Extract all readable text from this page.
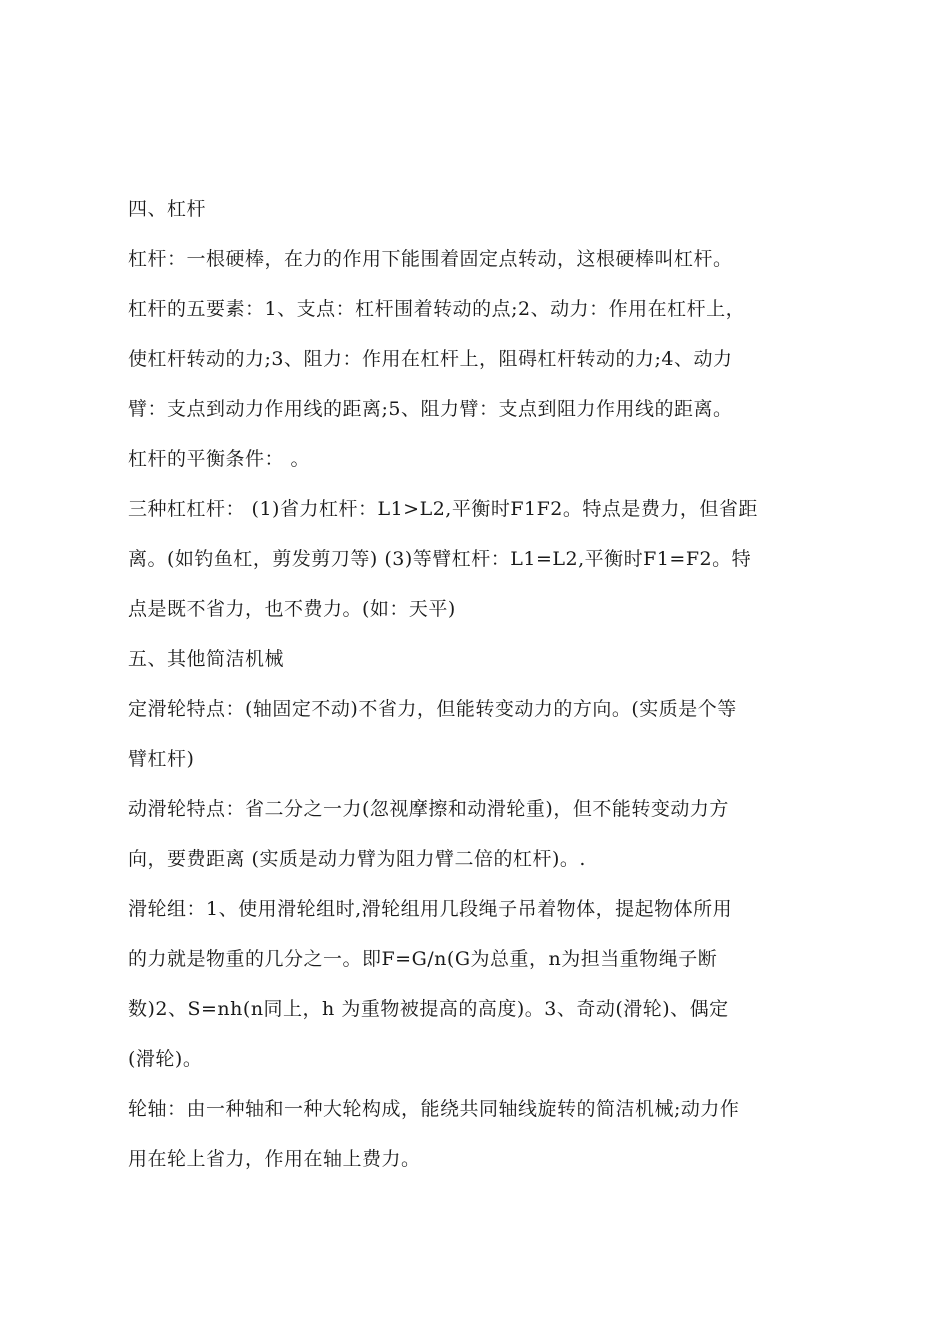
四、杠杆
杠杆：一根硬棒，在力的作用下能围着固定点转动，这根硬棒叫杠杆。
杠杆的五要素：1、支点：杠杆围着转动的点;2、动力：作用在杠杆上，
使杠杆转动的力;3、阻力：作用在杠杆上，阻碍杠杆转动的力;4、动力
臂：支点到动力作用线的距离;5、阻力臂：支点到阻力作用线的距离。
杠杆的平衡条件： 。
三种杠杠杆： (1)省力杠杆：L1>L2,平衡时F1F2。特点是费力，但省距
离。(如钓鱼杠，剪发剪刀等) (3)等臂杠杆：L1=L2,平衡时F1=F2。特
点是既不省力，也不费力。(如：天平)
五、其他简洁机械
定滑轮特点：(轴固定不动)不省力，但能转变动力的方向。(实质是个等
臂杠杆)
动滑轮特点：省二分之一力(忽视摩擦和动滑轮重)，但不能转变动力方
向，要费距离 (实质是动力臂为阻力臂二倍的杠杆)。.
滑轮组：1、使用滑轮组时,滑轮组用几段绳子吊着物体，提起物体所用
的力就是物重的几分之一。即F=G/n(G为总重，n为担当重物绳子断
数)2、S=nh(n同上，h 为重物被提高的高度)。3、奇动(滑轮)、偶定
(滑轮)。
轮轴：由一种轴和一种大轮构成，能绕共同轴线旋转的简洁机械;动力作
用在轮上省力，作用在轴上费力。
